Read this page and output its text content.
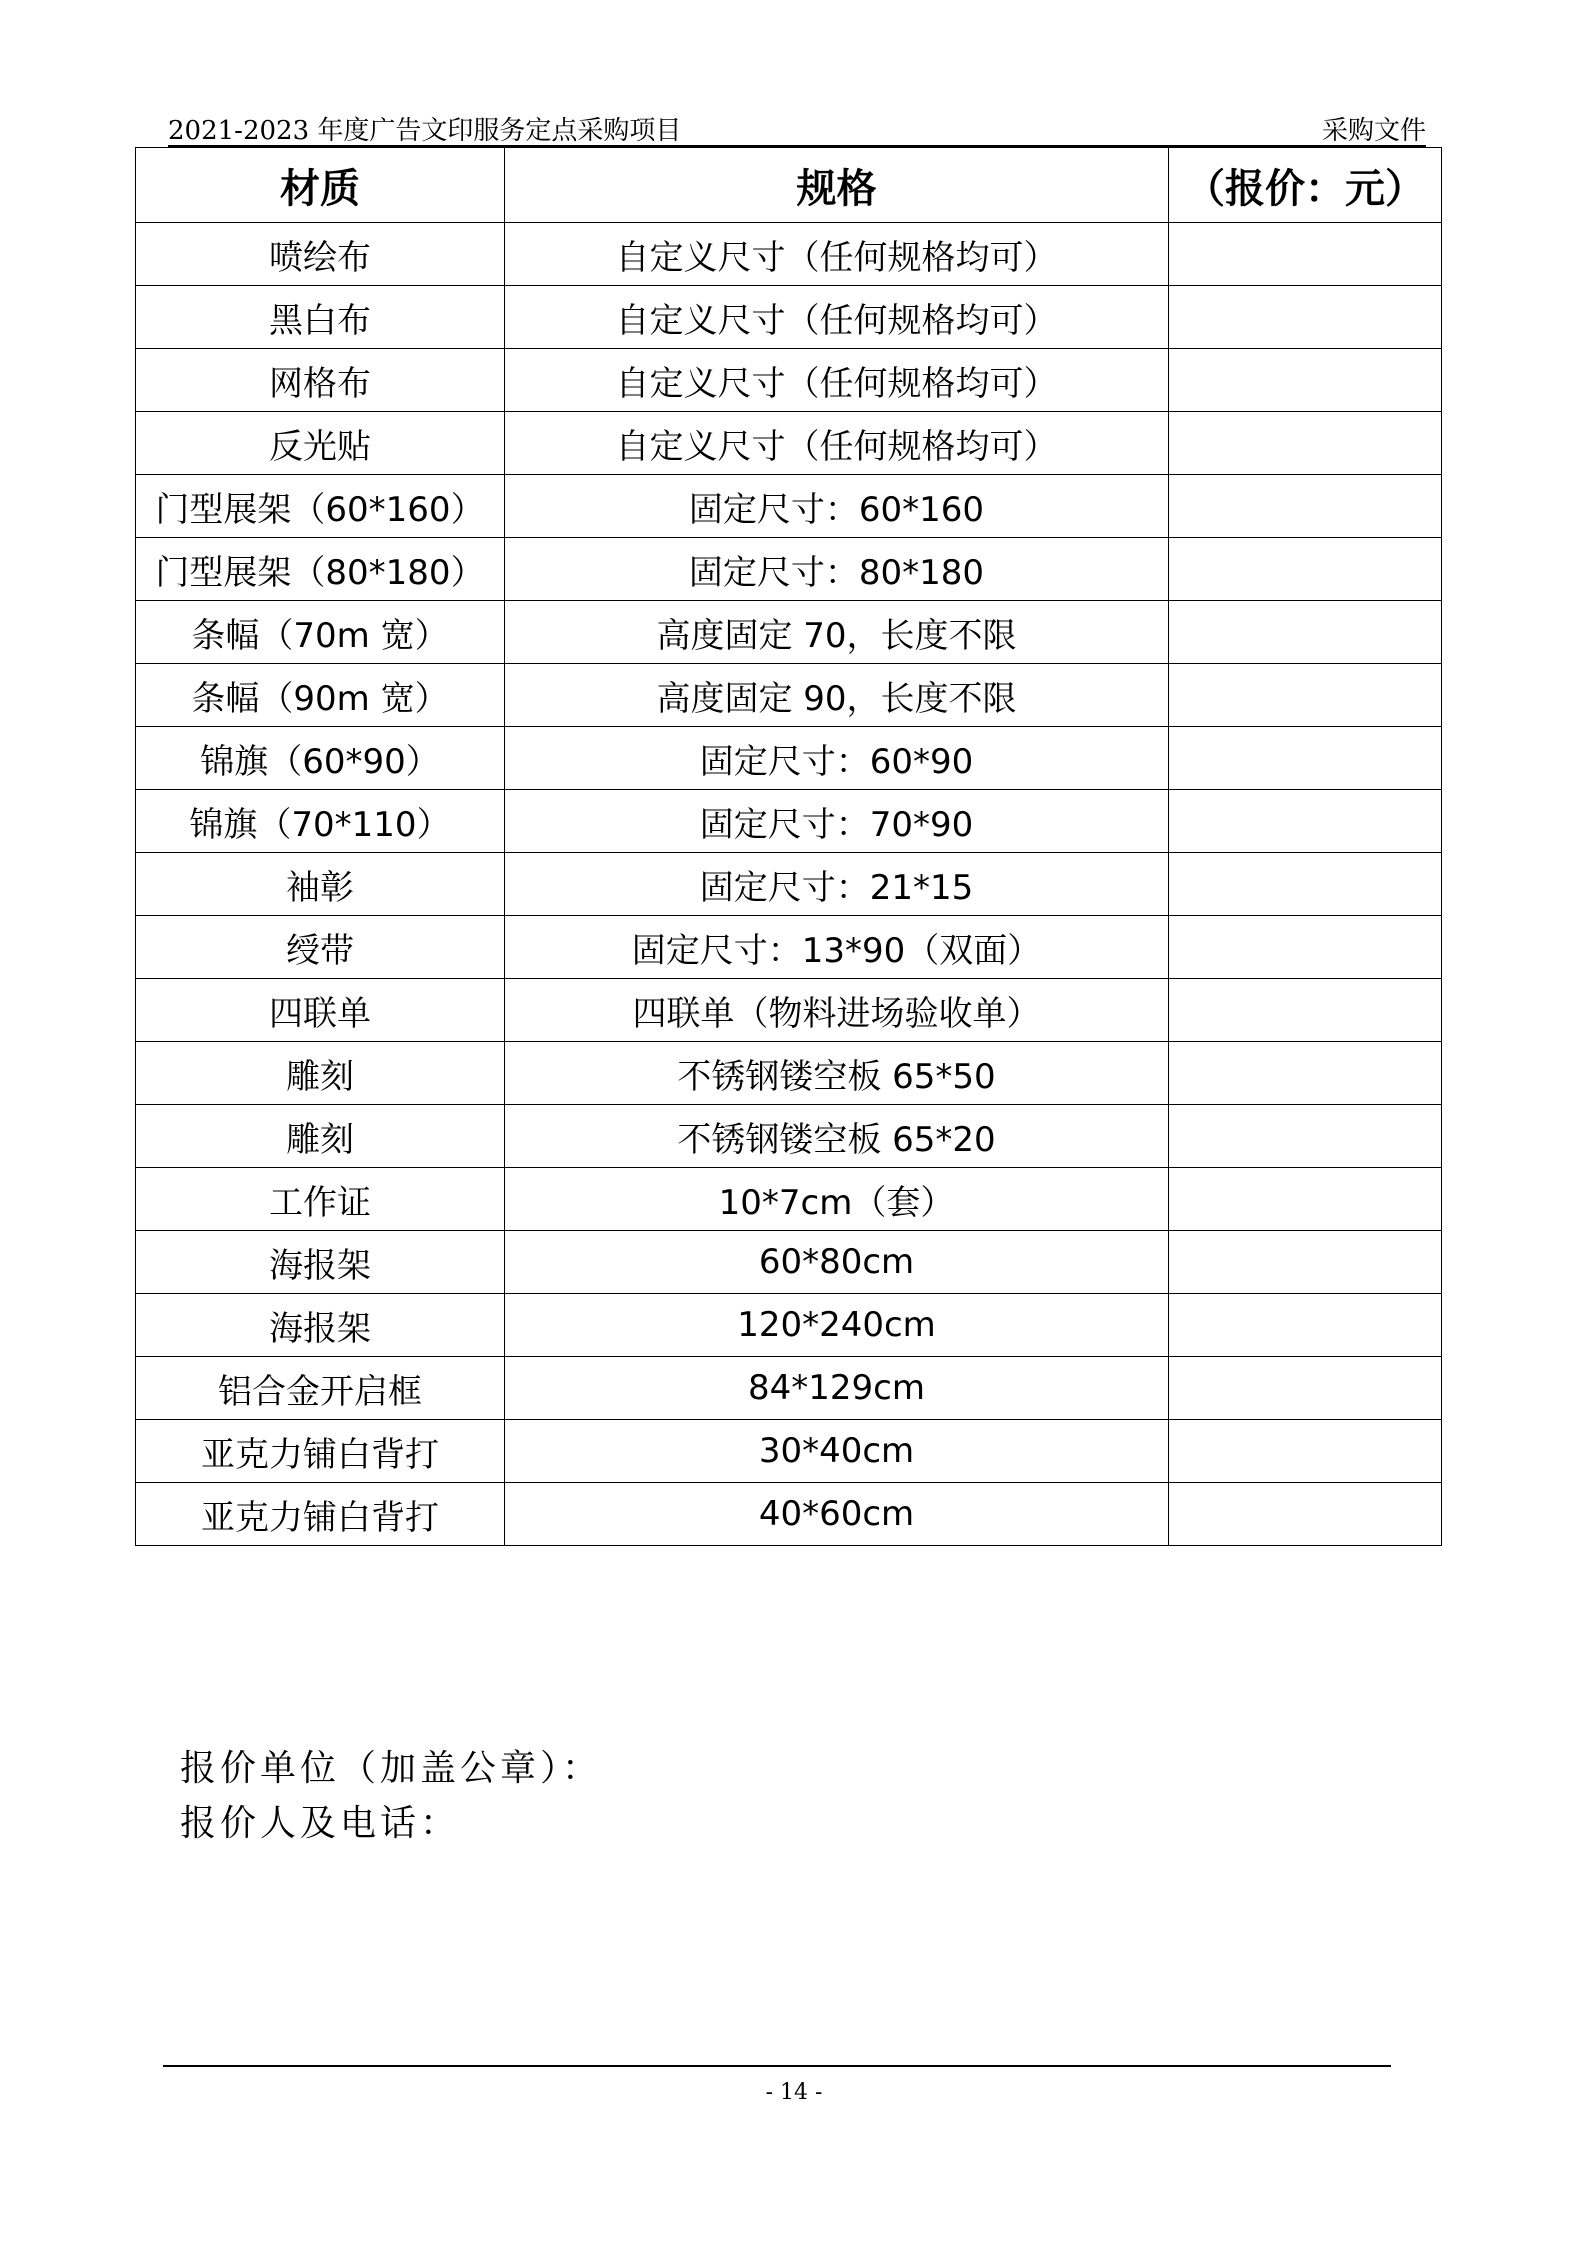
2021-2023 年度广告文印服务定点采购项目	采购文件
材质	规格	（报价：元）
喷绘布	自定义尺寸（任何规格均可）	
黑白布	自定义尺寸（任何规格均可）	
网格布	自定义尺寸（任何规格均可）	
反光贴	自定义尺寸（任何规格均可）	
门型展架（60*160）	固定尺寸：60*160	
门型展架（80*180）	固定尺寸：80*180	
条幅（70m 宽）	高度固定 70，长度不限	
条幅（90m 宽）	高度固定 90，长度不限	
锦旗（60*90）	固定尺寸：60*90	
锦旗（70*110）	固定尺寸：70*90	
袖彰	固定尺寸：21*15	
绶带	固定尺寸：13*90（双面）	
四联单	四联单（物料进场验收单）	
雕刻	不锈钢镂空板 65*50	
雕刻	不锈钢镂空板 65*20	
工作证	10*7cm（套）	
海报架	60*80cm	
海报架	120*240cm	
铝合金开启框	84*129cm	
亚克力铺白背打	30*40cm	
亚克力铺白背打	40*60cm	
报价单位（加盖公章）：
报价人及电话：
- 14 -
